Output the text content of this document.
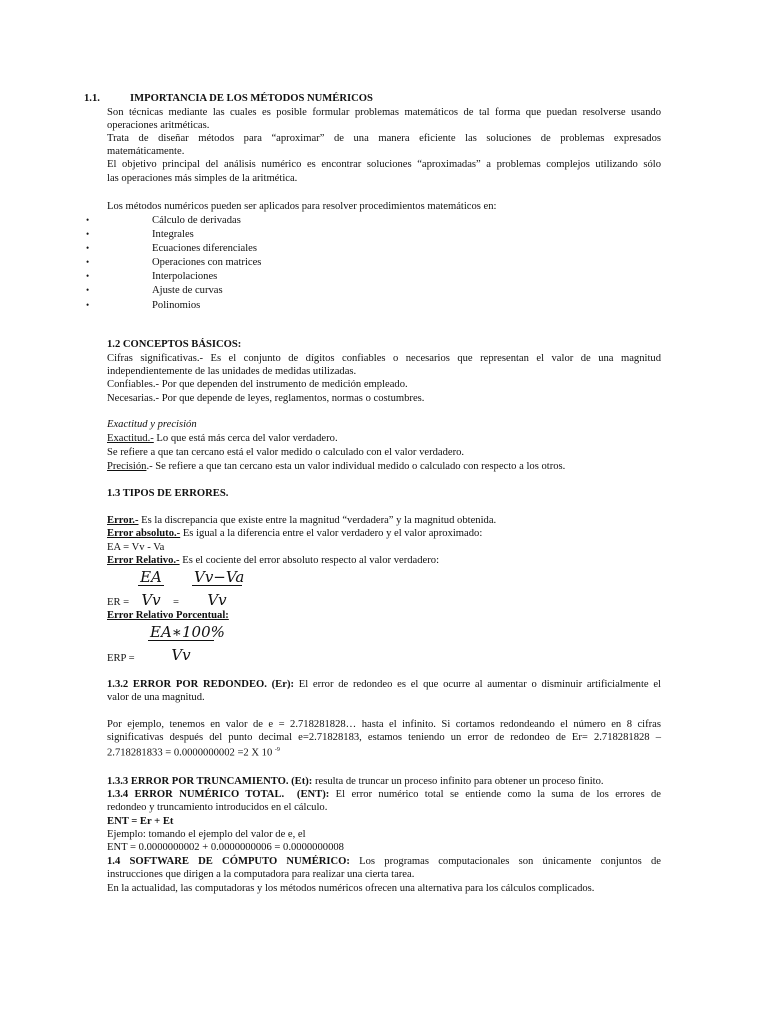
1.1.	IMPORTANCIA DE LOS MÉTODOS NUMÉRICOS
Son técnicas mediante las cuales es posible formular problemas matemáticos de tal forma que puedan resolverse usando
operaciones aritméticas.
Trata de diseñar métodos para “aproximar” de una manera eficiente las soluciones de problemas expresados
matemáticamente.
El objetivo principal del análisis numérico es encontrar soluciones “aproximadas” a problemas complejos utilizando sólo
las operaciones más simples de la aritmética.
Los métodos numéricos pueden ser aplicados para resolver procedimientos matemáticos en:
•	Cálculo de derivadas
•	Integrales
•	Ecuaciones diferenciales
•	Operaciones con matrices
•	Interpolaciones
•	Ajuste de curvas
•	Polinomios
1.2 CONCEPTOS BÁSICOS:
Cifras significativas.- Es el conjunto de dígitos confiables o necesarios que representan el valor de una magnitud
independientemente de las unidades de medidas utilizadas.
Confiables.- Por que dependen del instrumento de medición empleado.
Necesarias.- Por que depende de leyes, reglamentos, normas o costumbres.
Exactitud y precisión
Exactitud.- Lo que está más cerca del valor verdadero.
Se refiere a que tan cercano está el valor medido o calculado con el valor verdadero.
Precisión.- Se refiere a que tan cercano esta un valor individual medido o calculado con respecto a los otros.
1.3 TIPOS DE ERRORES.
Error.- Es la discrepancia que existe entre la magnitud “verdadera” y la magnitud obtenida.
Error absoluto.- Es igual a la diferencia entre el valor verdadero y el valor aproximado:
EA = Vv - Va
Error Relativo.- Es el cociente del error absoluto respecto al valor verdadero:
$\frac{EA}{Vv}$
ER =	= $\frac{Vv-Va}{Vv}$
Error Relativo Porcentual:
$\frac{EA∗100\%}{Vv}$
ERP =
1.3.2 ERROR POR REDONDEO. (Er): El error de redondeo es el que ocurre al aumentar o disminuir artificialmente el
valor de una magnitud.
Por ejemplo, tenemos en valor de e = 2.718281828… hasta el infinito. Si cortamos redondeando el número en 8 cifras
significativas después del punto decimal e=2.71828183, estamos teniendo un error de redondeo de Er= 2.718281828 –
2.718281833 = 0.0000000002 =2 X 10 $^{-9}$
1.3.3 ERROR POR TRUNCAMIENTO. (Et): resulta de truncar un proceso infinito para obtener un proceso finito.
1.3.4 ERROR NUMÉRICO TOTAL. (ENT): El error numérico total se entiende como la suma de los errores de
redondeo y truncamiento introducidos en el cálculo.
ENT = Er + Et
Ejemplo: tomando el ejemplo del valor de e, el
ENT = 0.0000000002 + 0.0000000006 = 0.0000000008
1.4 SOFTWARE DE CÓMPUTO NUMÉRICO: Los programas computacionales son únicamente conjuntos de
instrucciones que dirigen a la computadora para realizar una cierta tarea.
En la actualidad, las computadoras y los métodos numéricos ofrecen una alternativa para los cálculos complicados.
